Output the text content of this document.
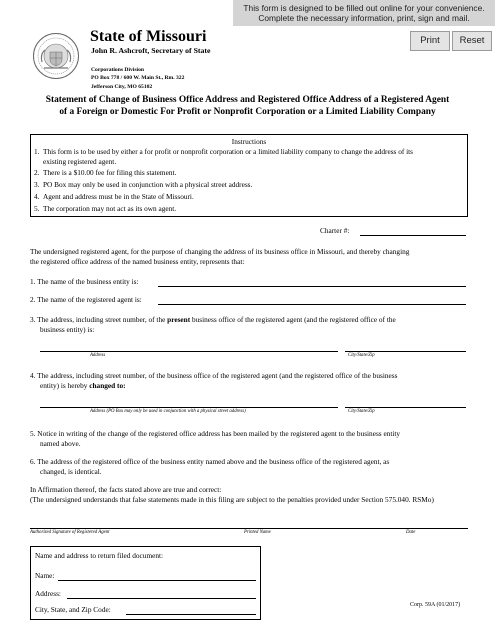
This form is designed to be filled out online for your convenience.
Complete the necessary information, print, sign and mail.
Print	Reset
State of Missouri
John R. Ashcroft, Secretary of State
Corporations Division
PO Box 778 / 600 W. Main St., Rm. 322
Jefferson City, MO 65102
Statement of Change of Business Office Address and Registered Office Address of a Registered Agent
of a Foreign or Domestic For Profit or Nonprofit Corporation or a Limited Liability Company
Instructions
1. This form is to be used by either a for profit or nonprofit corporation or a limited liability company to change the address of its
existing registered agent.
2. There is a $10.00 fee for filing this statement.
3. PO Box may only be used in conjunction with a physical street address.
4. Agent and address must be in the State of Missouri.
5. The corporation may not act as its own agent.
Charter #:
The undersigned registered agent, for the purpose of changing the address of its business office in Missouri, and thereby changing
the registered office address of the named business entity, represents that:
1. The name of the business entity is:
2. The name of the registered agent is:
3. The address, including street number, of the present business office of the registered agent (and the registered office of the
business entity) is:
Address	City/State/Zip
4. The address, including street number, of the business office of the registered agent (and the registered office of the business
entity) is hereby changed to:
Address (PO Box may only be used in conjunction with a physical street address)	City/State/Zip
5. Notice in writing of the change of the registered office address has been mailed by the registered agent to the business entity
named above.
6. The address of the registered office of the business entity named above and the business office of the registered agent, as
changed, is identical.
In Affirmation thereof, the facts stated above are true and correct:
(The undersigned understands that false statements made in this filing are subject to the penalties provided under Section 575.040. RSMo)
Authorized Signature of Registered Agent	Printed Name	Date
Name and address to return filed document:
Name:
Address:
City, State, and Zip Code:	Corp. 59A (01/2017)
